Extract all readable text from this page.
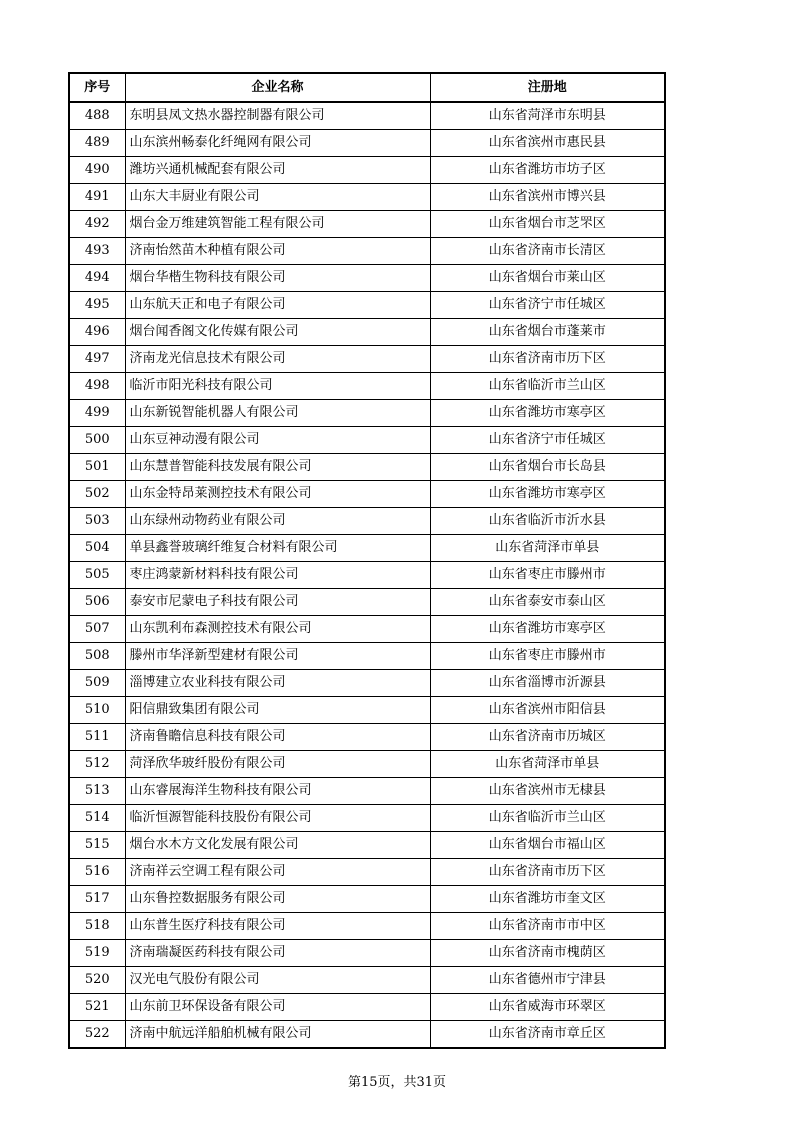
序号	企业名称	注册地
488	东明县凤文热水器控制器有限公司	山东省菏泽市东明县
489	山东滨州畅泰化纤绳网有限公司	山东省滨州市惠民县
490	潍坊兴通机械配套有限公司	山东省潍坊市坊子区
491	山东大丰厨业有限公司	山东省滨州市博兴县
492	烟台金万维建筑智能工程有限公司	山东省烟台市芝罘区
493	济南怡然苗木种植有限公司	山东省济南市长清区
494	烟台华楷生物科技有限公司	山东省烟台市莱山区
495	山东航天正和电子有限公司	山东省济宁市任城区
496	烟台闻香阁文化传媒有限公司	山东省烟台市蓬莱市
497	济南龙光信息技术有限公司	山东省济南市历下区
498	临沂市阳光科技有限公司	山东省临沂市兰山区
499	山东新锐智能机器人有限公司	山东省潍坊市寒亭区
500	山东豆神动漫有限公司	山东省济宁市任城区
501	山东慧普智能科技发展有限公司	山东省烟台市长岛县
502	山东金特昂莱测控技术有限公司	山东省潍坊市寒亭区
503	山东绿州动物药业有限公司	山东省临沂市沂水县
504	单县鑫誉玻璃纤维复合材料有限公司	山东省菏泽市单县
505	枣庄鸿蒙新材料科技有限公司	山东省枣庄市滕州市
506	泰安市尼蒙电子科技有限公司	山东省泰安市泰山区
507	山东凯利布森测控技术有限公司	山东省潍坊市寒亭区
508	滕州市华泽新型建材有限公司	山东省枣庄市滕州市
509	淄博建立农业科技有限公司	山东省淄博市沂源县
510	阳信鼎致集团有限公司	山东省滨州市阳信县
511	济南鲁瞻信息科技有限公司	山东省济南市历城区
512	菏泽欣华玻纤股份有限公司	山东省菏泽市单县
513	山东睿展海洋生物科技有限公司	山东省滨州市无棣县
514	临沂恒源智能科技股份有限公司	山东省临沂市兰山区
515	烟台水木方文化发展有限公司	山东省烟台市福山区
516	济南祥云空调工程有限公司	山东省济南市历下区
517	山东鲁控数据服务有限公司	山东省潍坊市奎文区
518	山东普生医疗科技有限公司	山东省济南市市中区
519	济南瑞凝医药科技有限公司	山东省济南市槐荫区
520	汉光电气股份有限公司	山东省德州市宁津县
521	山东前卫环保设备有限公司	山东省威海市环翠区
522	济南中航远洋船舶机械有限公司	山东省济南市章丘区
第15页，共31页
